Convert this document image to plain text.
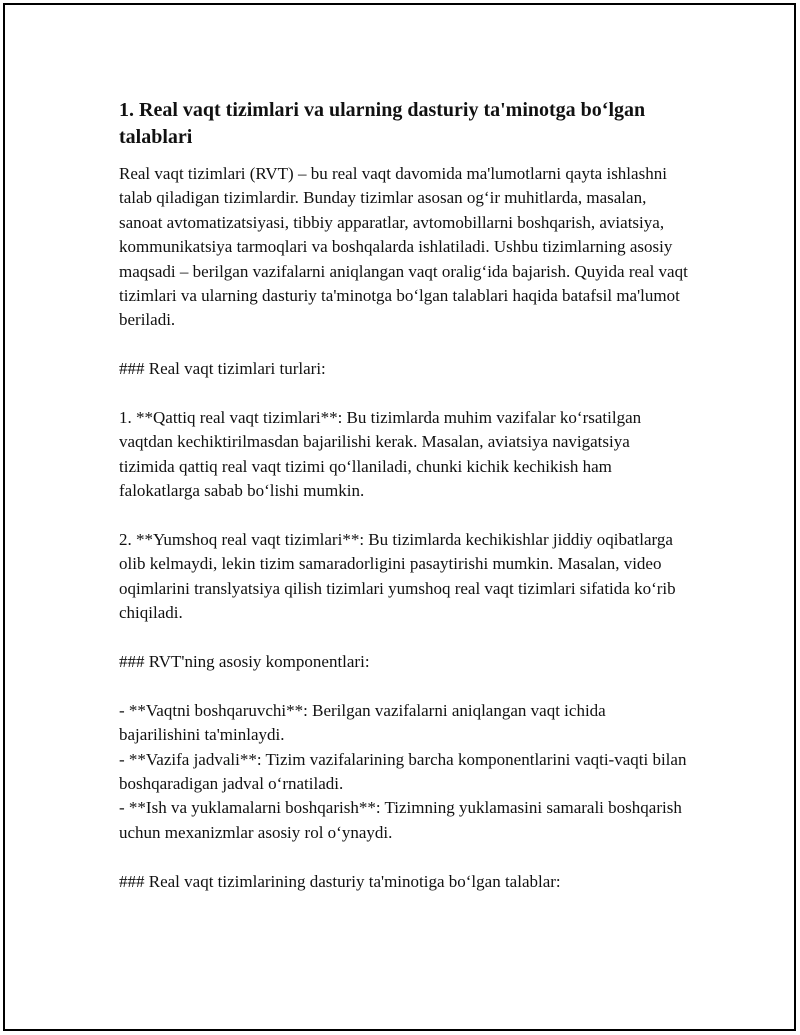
1. Real vaqt tizimlari va ularning dasturiy ta'minotga bo‘lgan talablari

Real vaqt tizimlari (RVT) – bu real vaqt davomida ma'lumotlarni qayta ishlashni talab qiladigan tizimlardir. Bunday tizimlar asosan og‘ir muhitlarda, masalan, sanoat avtomatizatsiyasi, tibbiy apparatlar, avtomobillarni boshqarish, aviatsiya, kommunikatsiya tarmoqlari va boshqalarda ishlatiladi. Ushbu tizimlarning asosiy maqsadi – berilgan vazifalarni aniqlangan vaqt oralig‘ida bajarish. Quyida real vaqt tizimlari va ularning dasturiy ta'minotga bo‘lgan talablari haqida batafsil ma'lumot beriladi.

### Real vaqt tizimlari turlari:

1. **Qattiq real vaqt tizimlari**: Bu tizimlarda muhim vazifalar ko‘rsatilgan vaqtdan kechiktirilmasdan bajarilishi kerak. Masalan, aviatsiya navigatsiya tizimida qattiq real vaqt tizimi qo‘llaniladi, chunki kichik kechikish ham falokatlarga sabab bo‘lishi mumkin.

2. **Yumshoq real vaqt tizimlari**: Bu tizimlarda kechikishlar jiddiy oqibatlarga olib kelmaydi, lekin tizim samaradorligini pasaytirishi mumkin. Masalan, video oqimlarini translyatsiya qilish tizimlari yumshoq real vaqt tizimlari sifatida ko‘rib chiqiladi.

### RVT'ning asosiy komponentlari:

- **Vaqtni boshqaruvchi**: Berilgan vazifalarni aniqlangan vaqt ichida bajarilishini ta'minlaydi.

- **Vazifa jadvali**: Tizim vazifalarining barcha komponentlarini vaqti-vaqti bilan boshqaradigan jadval o‘rnatiladi.

- **Ish va yuklamalarni boshqarish**: Tizimning yuklamasini samarali boshqarish uchun mexanizmlar asosiy rol o‘ynaydi.

### Real vaqt tizimlarining dasturiy ta'minotiga bo‘lgan talablar:
